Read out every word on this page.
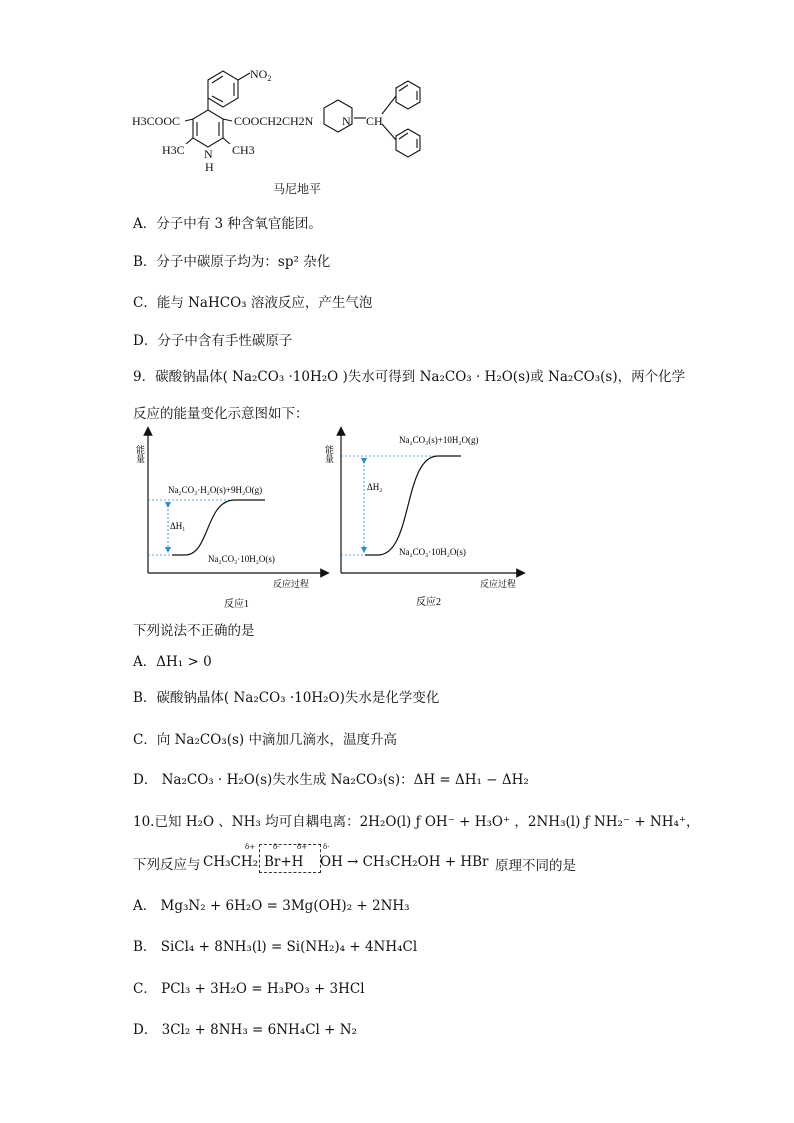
$NO_2$
H3COOC	COOCH2CH2N N CH
H3C	CH3
N
H
马尼地平
A．分子中有 3 种含氧官能团。
B．分子中碳原子均为：sp² 杂化
C．能与 NaHCO₃ 溶液反应，产生气泡
D．分子中含有手性碳原子
9．碳酸钠晶体( Na₂CO₃ ·10H₂O )失水可得到 Na₂CO₃ · H₂O(s)或 Na₂CO₃(s)，两个化学
反应的能量变化示意图如下：
能量
反应过程
Na₂CO₃·H₂O(s)+9H₂O(g)
Na₂CO₃·10H₂O(s)
ΔH₁
反应1
能量
反应过程
Na₂CO₃(s)+10H₂O(g)
Na₂CO₃·10H₂O(s)
ΔH₂
反应2
下列说法不正确的是
A．ΔH₁ > 0
B．碳酸钠晶体( Na₂CO₃ ·10H₂O)失水是化学变化
C．向 Na₂CO₃(s) 中滴加几滴水，温度升高
D． Na₂CO₃ · H₂O(s)失水生成 Na₂CO₃(s)：ΔH = ΔH₁ − ΔH₂
10.已知 H₂O 、NH₃ 均可自耦电离：2H₂O(l) ƒ OH⁻ + H₃O⁺ ，2NH₃(l) ƒ NH₂⁻ + NH₄⁺，
下列反应与 CH₃CH₂
δ+	δ- δ+
Br+H
δ-
OH → CH₃CH₂OH + HBr 原理不同的是
A． Mg₃N₂ + 6H₂O = 3Mg(OH)₂ + 2NH₃
B． SiCl₄ + 8NH₃(l) = Si(NH₂)₄ + 4NH₄Cl
C． PCl₃ + 3H₂O = H₃PO₃ + 3HCl
D． 3Cl₂ + 8NH₃ = 6NH₄Cl + N₂
